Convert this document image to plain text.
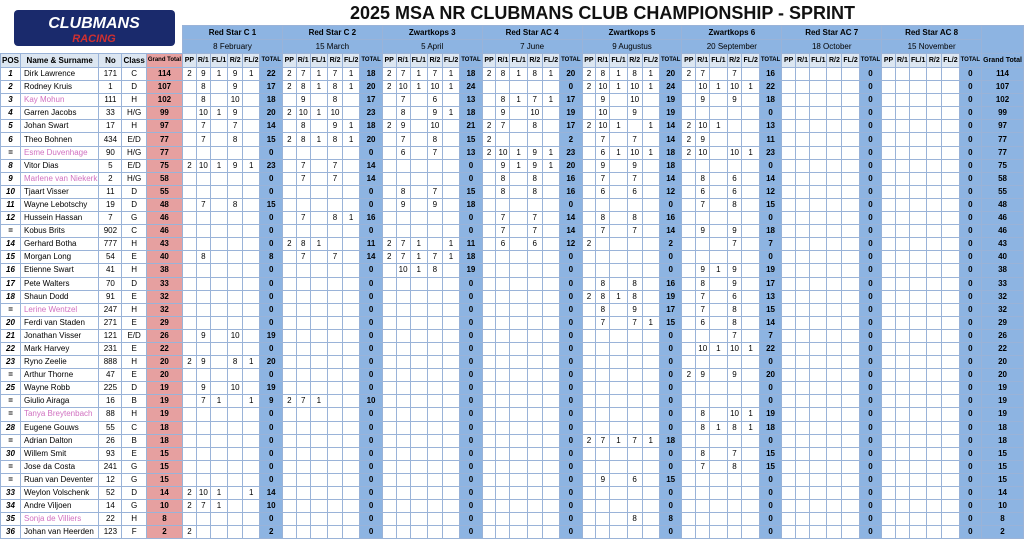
CLUBMANS
RACING
2025 MSA NR CLUBMANS CLUB CHAMPIONSHIP - SPRINT
					Red Star C 1						Red Star C 2						Zwartkops 3						Red Star AC 4						Zwartkops 5						Zwartkops 6						Red Star AC 7						Red Star AC 8						
					8 February						15 March						5 April						7 June						9 Augustus						20 September						18 October						15 November						
POS	Name & Surname	No	Class	Grand Total	PP	R/1	FL/1	R/2	FL/2	TOTAL	PP	R/1	FL/1	R/2	FL/2	TOTAL	PP	R/1	FL/1	R/2	FL/2	TOTAL	PP	R/1	FL/1	R/2	FL/2	TOTAL	PP	R/1	FL/1	R/2	FL/2	TOTAL	PP	R/1	FL/1	R/2	FL/2	TOTAL	PP	R/1	FL/1	R/2	FL/2	TOTAL	PP	R/1	FL/1	R/2	FL/2	TOTAL	Grand Total
1	Dirk Lawrence	171	C	114	2	9	1	9	1	22	2	7	1	7	1	18	2	7	1	7	1	18	2	8	1	8	1	20	2	8	1	8	1	20	2	7		7		16						0						0	114
2	Rodney Kruis	1	D	107		8		9		17	2	8	1	8	1	20	2	10	1	10	1	24						0	2	10	1	10	1	24		10	1	10	1	22						0						0	107
3	Kay Mohun	111	H	102		8		10		18		9		8		17		7		6		13		8	1	7	1	17		9		10		19		9		9		18						0						0	102
4	Garren Jacobs	33	H/G	99		10	1	9		20	2	10	1	10		23		8		9	1	18		9		10		19		10		9		19						0						0						0	99
5	Johan Swart	17	H	97		7		7		14		8		9	1	18	2	9		10		21	2	7		8		17	2	10	1		1	14	2	10	1			13						0						0	97
6	Theo Bohnen	434	E/D	77		7		8		15	2	8	1	8	1	20		7		8		15	2					2		7		7		14	2	9				11						0						0	77
=	Esme Duvenhage	90	H/G	77						0						0		6		7		13	2	10	1	9	1	23		6	1	10	1	18	2	10		10	1	23						0						0	77
8	Vitor Dias	5	E/D	75	2	10	1	9	1	23		7		7		14						0		9	1	9	1	20		9		9		18						0						0						0	75
9	Marlene van Niekerk	2	H/G	58						0		7		7		14						0		8		8		16		7		7		14		8		6		14						0						0	58
10	Tjaart Visser	11	D	55						0						0		8		7		15		8		8		16		6		6		12		6		6		12						0						0	55
11	Wayne Lebotschy	19	D	48		7		8		15						0		9		9		18						0						0		7		8		15						0						0	48
12	Hussein Hassan	7	G	46						0		7		8	1	16						0		7		7		14		8		8		16						0						0						0	46
=	Kobus Brits	902	C	46						0						0						0		7		7		14		7		7		14		9		9		18						0						0	46
14	Gerhard Botha	777	H	43						0	2	8	1			11	2	7	1		1	11		6		6		12	2					2				7		7						0						0	43
15	Morgan Long	54	E	40		8				8		7		7		14	2	7	1	7	1	18						0						0						0						0						0	40
16	Etienne Swart	41	H	38						0						0		10	1	8		19						0						0		9	1	9		19						0						0	38
17	Pete Walters	70	D	33						0						0						0						0		8		8		16		8		9		17						0						0	33
18	Shaun Dodd	91	E	32						0						0						0						0	2	8	1	8		19		7		6		13						0						0	32
=	Lerine Wentzel	247	H	32						0						0						0						0		8		9		17		7		8		15						0						0	32
20	Ferdi van Staden	271	E	29						0						0						0						0		7		7	1	15		6		8		14						0						0	29
21	Jonathan Visser	121	E/D	26		9		10		19						0						0						0						0				7		7						0						0	26
22	Mark Harvey	231	E	22						0						0						0						0						0		10	1	10	1	22						0						0	22
23	Ryno Zeelie	888	H	20	2	9		8	1	20						0						0						0						0						0						0						0	20
=	Arthur Thorne	47	E	20						0						0						0						0						0	2	9		9		20						0						0	20
25	Wayne Robb	225	D	19		9		10		19						0						0						0						0						0						0						0	19
=	Giulio Airaga	16	B	19		7	1		1	9	2	7	1			10						0						0						0						0						0						0	19
=	Tanya Breytenbach	88	H	19						0						0						0						0						0		8		10	1	19						0						0	19
28	Eugene Gouws	55	C	18						0						0						0						0						0		8	1	8	1	18						0						0	18
=	Adrian Dalton	26	B	18						0						0						0						0	2	7	1	7	1	18						0						0						0	18
30	Willem Smit	93	E	15						0						0						0						0						0		8		7		15						0						0	15
=	Jose da Costa	241	G	15						0						0						0						0						0		7		8		15						0						0	15
=	Ruan van Deventer	12	G	15						0						0						0						0		9		6		15						0						0						0	15
33	Weylon Volschenk	52	D	14	2	10	1		1	14						0						0						0						0						0						0						0	14
34	Andre Viljoen	14	G	10	2	7	1			10						0						0						0						0						0						0						0	10
35	Sonja de Villiers	22	H	8						0						0						0						0				8		8						0						0						0	8
36	Johan van Heerden	123	F	2	2					2						0						0						0						0						0						0						0	2
